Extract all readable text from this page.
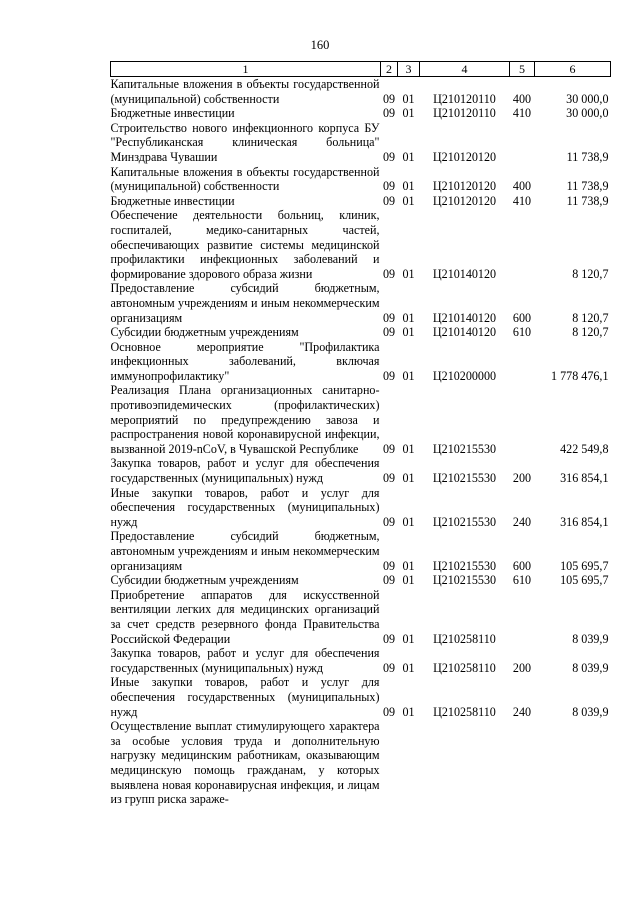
160
1	2	3	4	5	6
Капитальные вложения в объекты государственной (муниципальной) собственности	09	01	Ц210120110	400	30 000,0
Бюджетные инвестиции	09	01	Ц210120110	410	30 000,0
Строительство нового инфекционного корпуса БУ "Республиканская клиническая больница" Минздрава Чувашии	09	01	Ц210120120		11 738,9
Капитальные вложения в объекты государственной (муниципальной) собственности	09	01	Ц210120120	400	11 738,9
Бюджетные инвестиции	09	01	Ц210120120	410	11 738,9
Обеспечение деятельности больниц, клиник, госпиталей, медико-санитарных частей, обеспечивающих развитие системы медицинской профилактики инфекционных заболеваний и формирование здорового образа жизни	09	01	Ц210140120		8 120,7
Предоставление субсидий бюджетным, автономным учреждениям и иным некоммерческим организациям	09	01	Ц210140120	600	8 120,7
Субсидии бюджетным учреждениям	09	01	Ц210140120	610	8 120,7
Основное мероприятие "Профилактика инфекционных заболеваний, включая иммунопрофилактику"	09	01	Ц210200000		1 778 476,1
Реализация Плана организационных санитарно-противоэпидемических (профилактических) мероприятий по предупреждению завоза и распространения новой коронавирусной инфекции, вызванной 2019-nCoV, в Чувашской Республике	09	01	Ц210215530		422 549,8
Закупка товаров, работ и услуг для обеспечения государственных (муниципальных) нужд	09	01	Ц210215530	200	316 854,1
Иные закупки товаров, работ и услуг для обеспечения государственных (муниципальных) нужд	09	01	Ц210215530	240	316 854,1
Предоставление субсидий бюджетным, автономным учреждениям и иным некоммерческим организациям	09	01	Ц210215530	600	105 695,7
Субсидии бюджетным учреждениям	09	01	Ц210215530	610	105 695,7
Приобретение аппаратов для искусственной вентиляции легких для медицинских организаций за счет средств резервного фонда Правительства Российской Федерации	09	01	Ц210258110		8 039,9
Закупка товаров, работ и услуг для обеспечения государственных (муниципальных) нужд	09	01	Ц210258110	200	8 039,9
Иные закупки товаров, работ и услуг для обеспечения государственных (муниципальных) нужд	09	01	Ц210258110	240	8 039,9
Осуществление выплат стимулирующего характера за особые условия труда и дополнительную нагрузку медицинским работникам, оказывающим медицинскую помощь гражданам, у которых выявлена новая коронавирусная инфекция, и лицам из групп риска зараже-					
